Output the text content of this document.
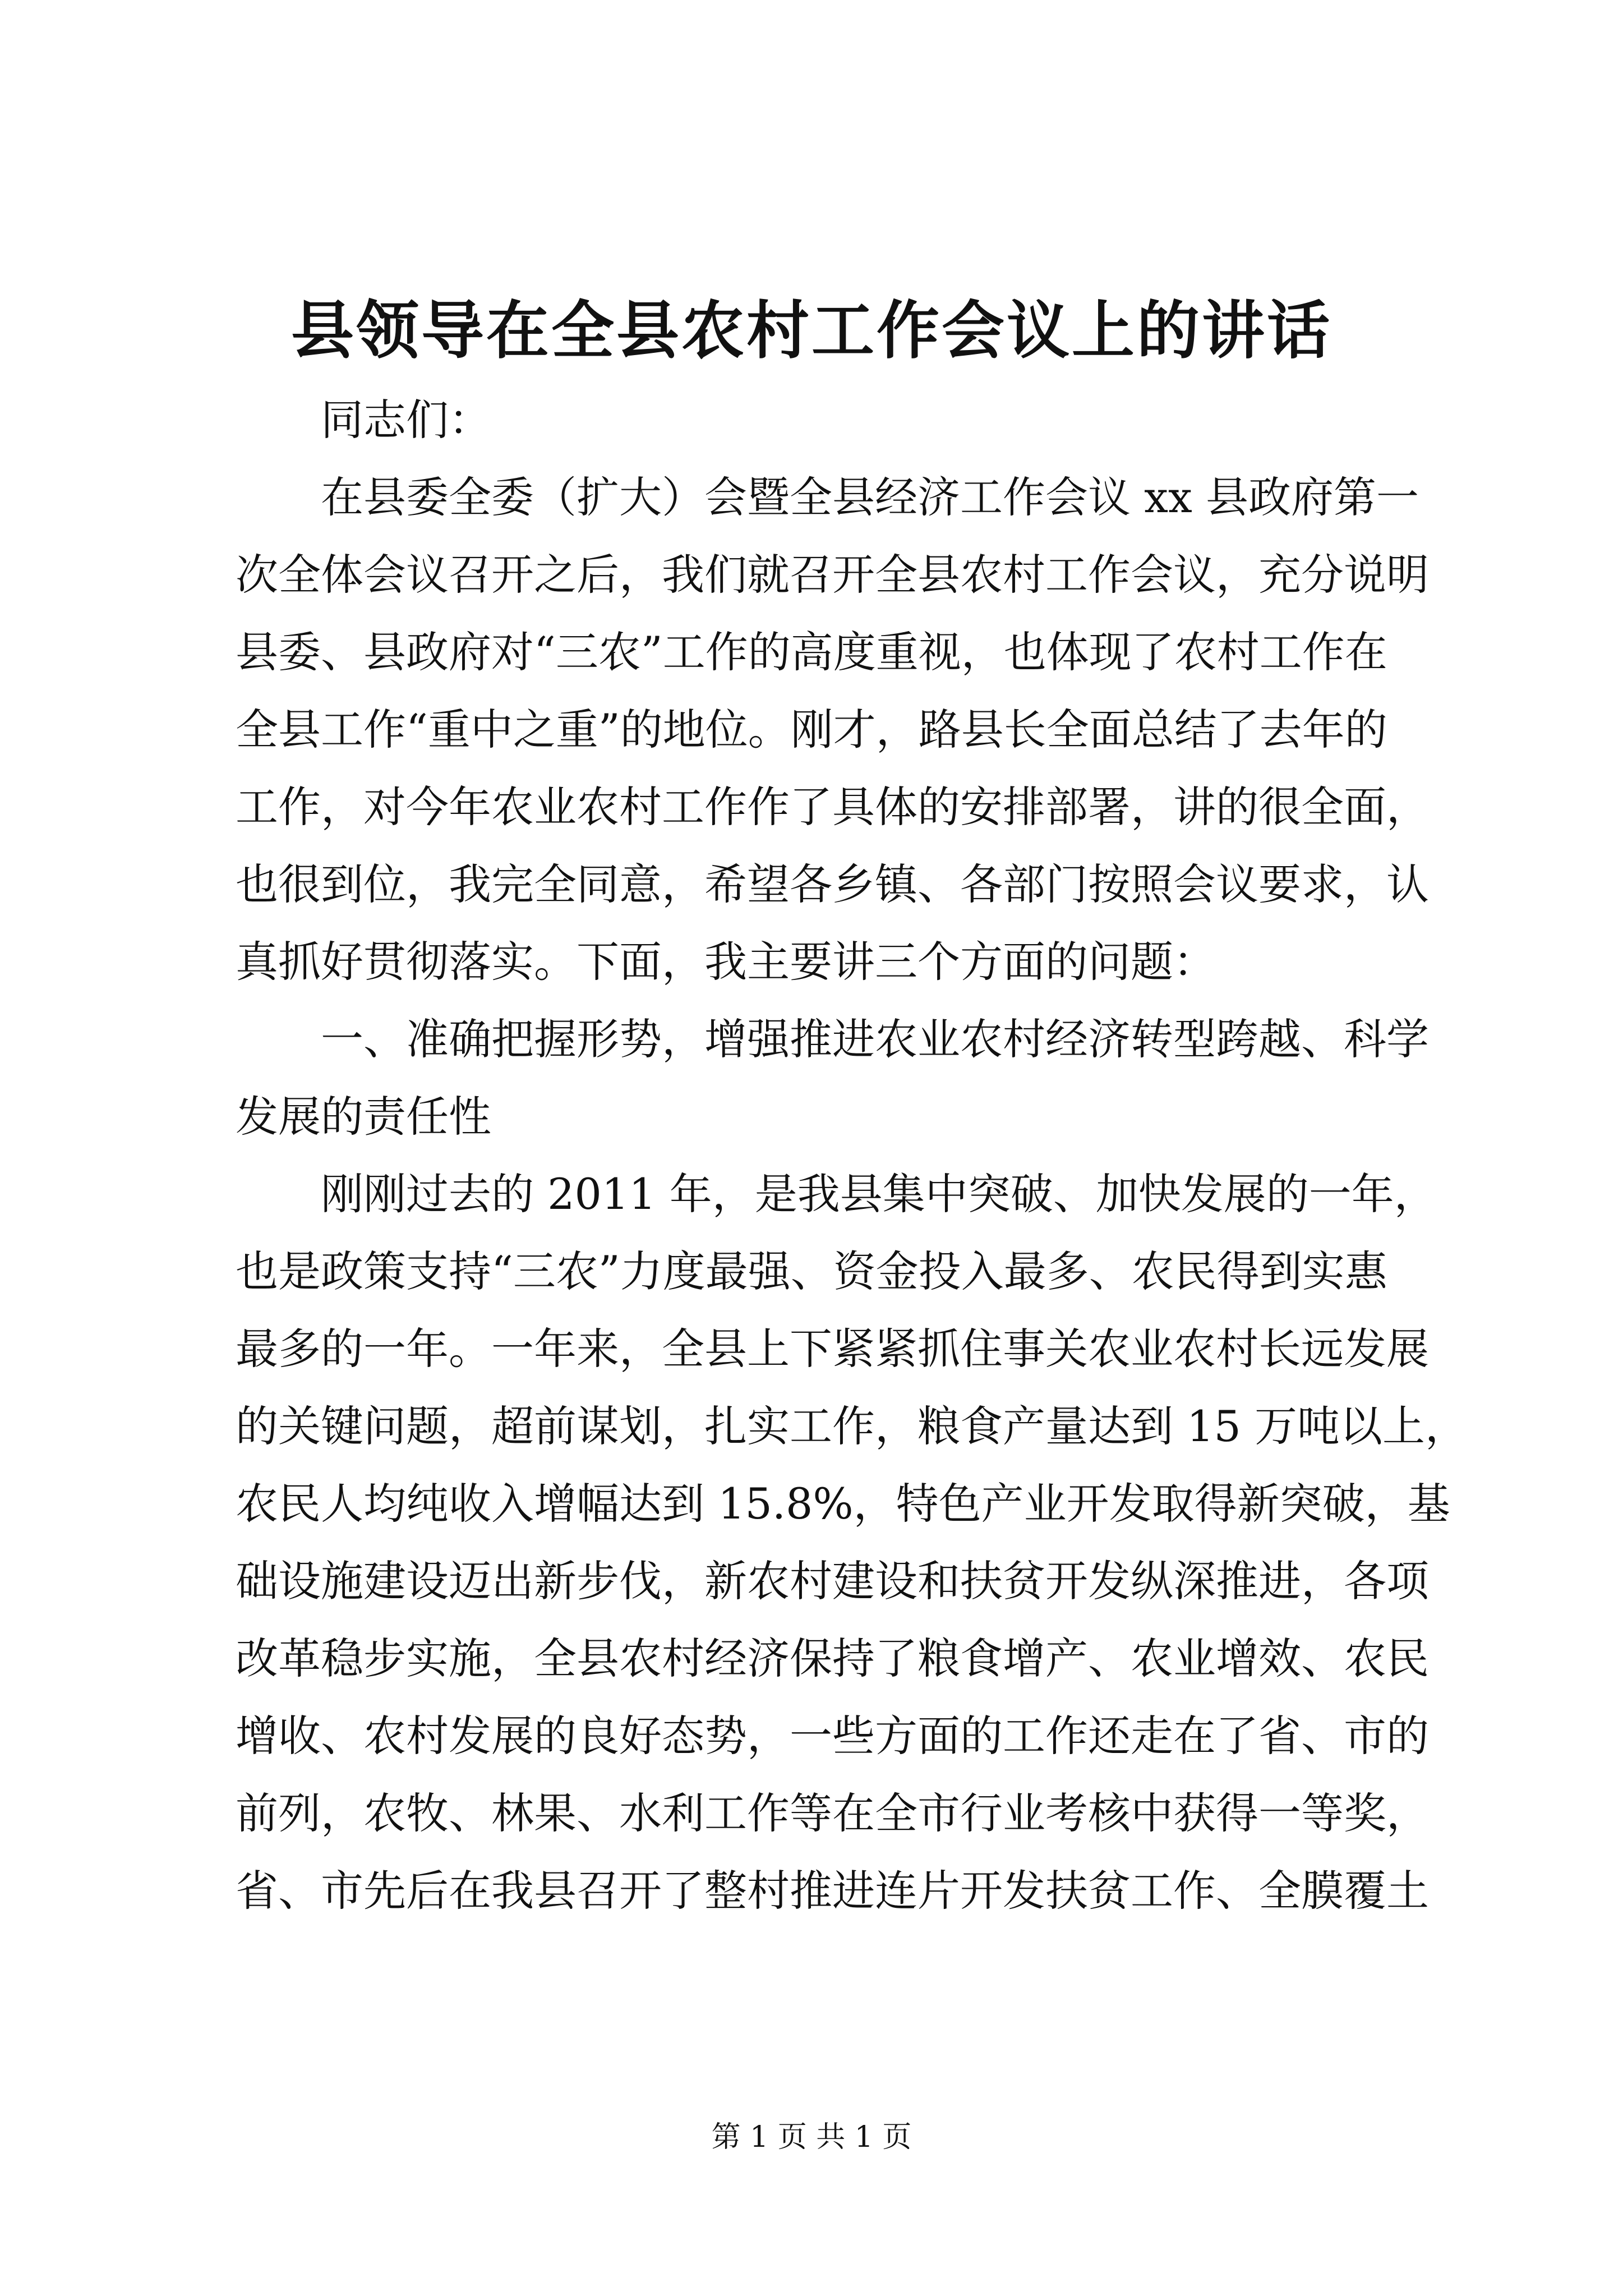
县领导在全县农村工作会议上的讲话

同志们：

在县委全委（扩大）会暨全县经济工作会议 xx 县政府第一

次全体会议召开之后，我们就召开全县农村工作会议，充分说明

县委、县政府对“三农”工作的高度重视，也体现了农村工作在

全县工作“重中之重”的地位。刚才，路县长全面总结了去年的

工作，对今年农业农村工作作了具体的安排部署，讲的很全面，

也很到位，我完全同意，希望各乡镇、各部门按照会议要求，认

真抓好贯彻落实。下面，我主要讲三个方面的问题：

一、准确把握形势，增强推进农业农村经济转型跨越、科学

发展的责任性

刚刚过去的 2011 年，是我县集中突破、加快发展的一年，

也是政策支持“三农”力度最强、资金投入最多、农民得到实惠

最多的一年。一年来，全县上下紧紧抓住事关农业农村长远发展

的关键问题，超前谋划，扎实工作，粮食产量达到 15 万吨以上，

农民人均纯收入增幅达到 15.8%，特色产业开发取得新突破，基

础设施建设迈出新步伐，新农村建设和扶贫开发纵深推进，各项

改革稳步实施，全县农村经济保持了粮食增产、农业增效、农民

增收、农村发展的良好态势，一些方面的工作还走在了省、市的

前列，农牧、林果、水利工作等在全市行业考核中获得一等奖，

省、市先后在我县召开了整村推进连片开发扶贫工作、全膜覆土

第 1 页 共 1 页
